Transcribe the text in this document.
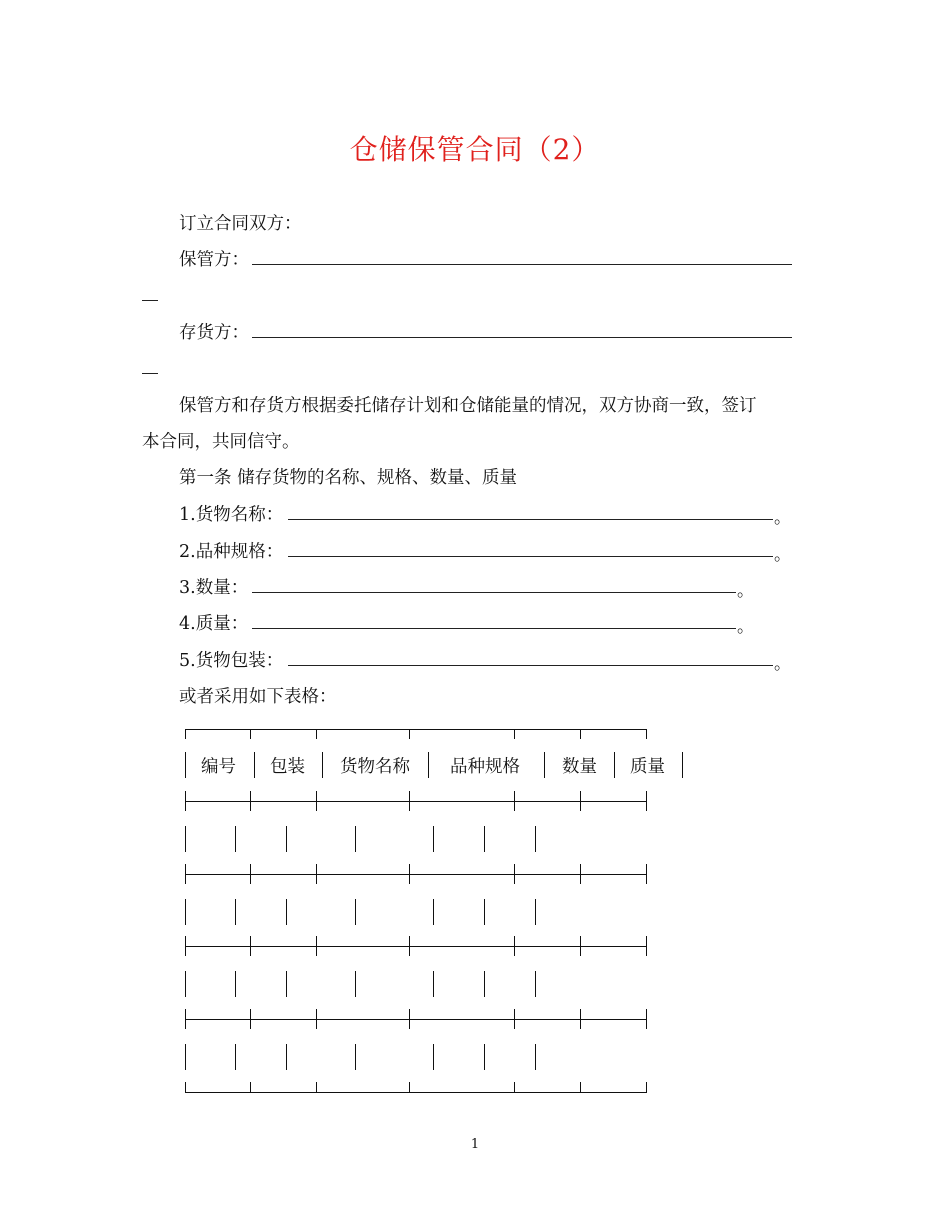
仓储保管合同（2）
订立合同双方：
保管方：
存货方：
保管方和存货方根据委托储存计划和仓储能量的情况，双方协商一致，签订
本合同，共同信守。
第一条 储存货物的名称、规格、数量、质量
1.货物名称：	。
2.品种规格：	。
3.数量：	。
4.质量：	。
5.货物包装：	。
或者采用如下表格：
编号 包装 货物名称 品种规格 数量 质量
1
